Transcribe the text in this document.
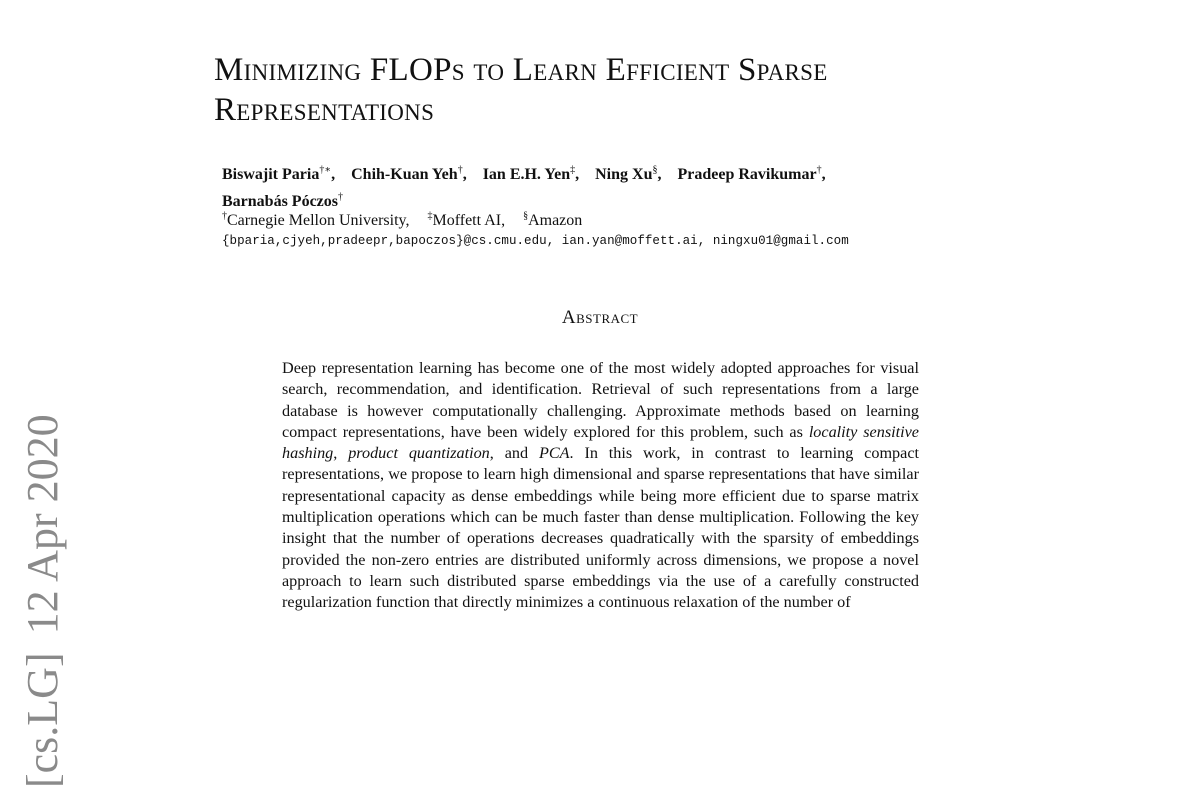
[cs.LG]12 Apr 2020
Minimizing FLOPs to Learn Efficient Sparse Representations
Biswajit Paria†∗, Chih-Kuan Yeh†, Ian E.H. Yen‡, Ning Xu§, Pradeep Ravikumar†,
Barnabás Póczos†
†Carnegie Mellon University, ‡Moffett AI, §Amazon
{bparia,cjyeh,pradeepr,bapoczos}@cs.cmu.edu, ian.yan@moffett.ai, ningxu01@gmail.com
Abstract

Deep representation learning has become one of the most widely adopted approaches for visual search, recommendation, and identification. Retrieval of such representations from a large database is however computationally challenging. Approximate methods based on learning compact representations, have been widely explored for this problem, such as locality sensitive hashing, product quantization, and PCA. In this work, in contrast to learning compact representations, we propose to learn high dimensional and sparse representations that have similar representational capacity as dense embeddings while being more efficient due to sparse matrix multiplication operations which can be much faster than dense multiplication. Following the key insight that the number of operations decreases quadratically with the sparsity of embeddings provided the non-zero entries are distributed uniformly across dimensions, we propose a novel approach to learn such distributed sparse embeddings via the use of a carefully constructed regularization function that directly minimizes a continuous relaxation of the number of
